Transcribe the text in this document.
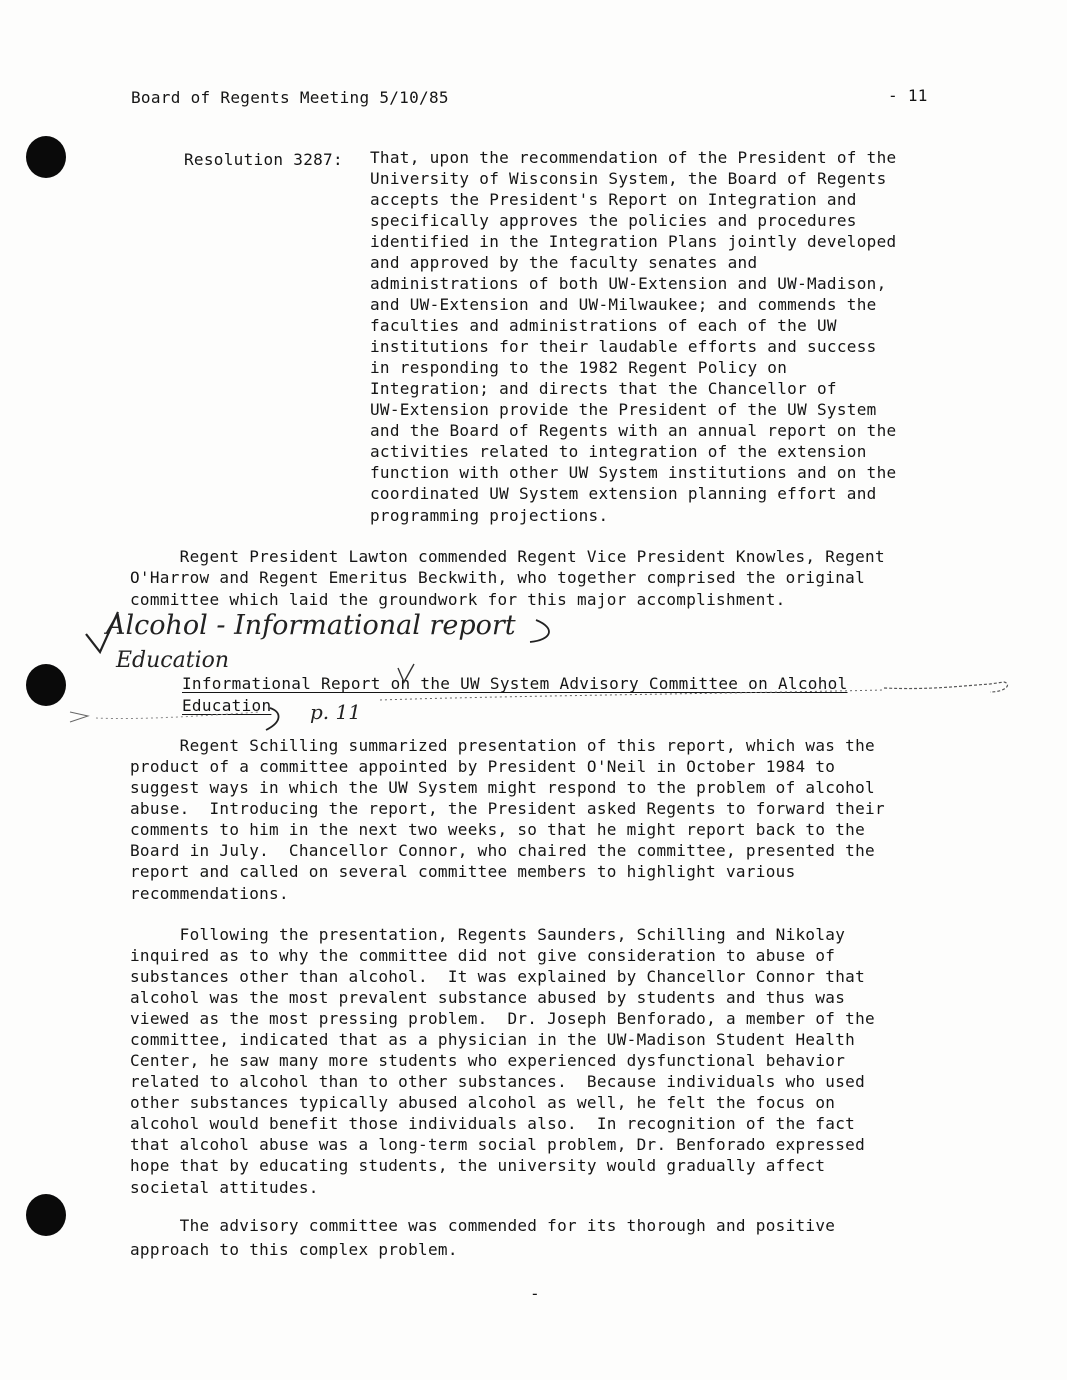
Board of Regents Meeting 5/10/85	- 11
Resolution 3287: That, upon the recommendation of the President of the
University of Wisconsin System, the Board of Regents
accepts the President's Report on Integration and
specifically approves the policies and procedures
identified in the Integration Plans jointly developed
and approved by the faculty senates and
administrations of both UW-Extension and UW-Madison,
and UW-Extension and UW-Milwaukee; and commends the
faculties and administrations of each of the UW
institutions for their laudable efforts and success
in responding to the 1982 Regent Policy on
Integration; and directs that the Chancellor of
UW-Extension provide the President of the UW System
and the Board of Regents with an annual report on the
activities related to integration of the extension
function with other UW System institutions and on the
coordinated UW System extension planning effort and
programming projections.
Regent President Lawton commended Regent Vice President Knowles, Regent
O'Harrow and Regent Emeritus Beckwith, who together comprised the original
committee which laid the groundwork for this major accomplishment.
Alcohol - Informational report
Education
p. 11
Informational Report on the UW System Advisory Committee on Alcohol
Education
Regent Schilling summarized presentation of this report, which was the
product of a committee appointed by President O'Neil in October 1984 to
suggest ways in which the UW System might respond to the problem of alcohol
abuse.  Introducing the report, the President asked Regents to forward their
comments to him in the next two weeks, so that he might report back to the
Board in July.  Chancellor Connor, who chaired the committee, presented the
report and called on several committee members to highlight various
recommendations.
Following the presentation, Regents Saunders, Schilling and Nikolay
inquired as to why the committee did not give consideration to abuse of
substances other than alcohol.  It was explained by Chancellor Connor that
alcohol was the most prevalent substance abused by students and thus was
viewed as the most pressing problem.  Dr. Joseph Benforado, a member of the
committee, indicated that as a physician in the UW-Madison Student Health
Center, he saw many more students who experienced dysfunctional behavior
related to alcohol than to other substances.  Because individuals who used
other substances typically abused alcohol as well, he felt the focus on
alcohol would benefit those individuals also.  In recognition of the fact
that alcohol abuse was a long-term social problem, Dr. Benforado expressed
hope that by educating students, the university would gradually affect
societal attitudes.
The advisory committee was commended for its thorough and positive
approach to this complex problem.
-
